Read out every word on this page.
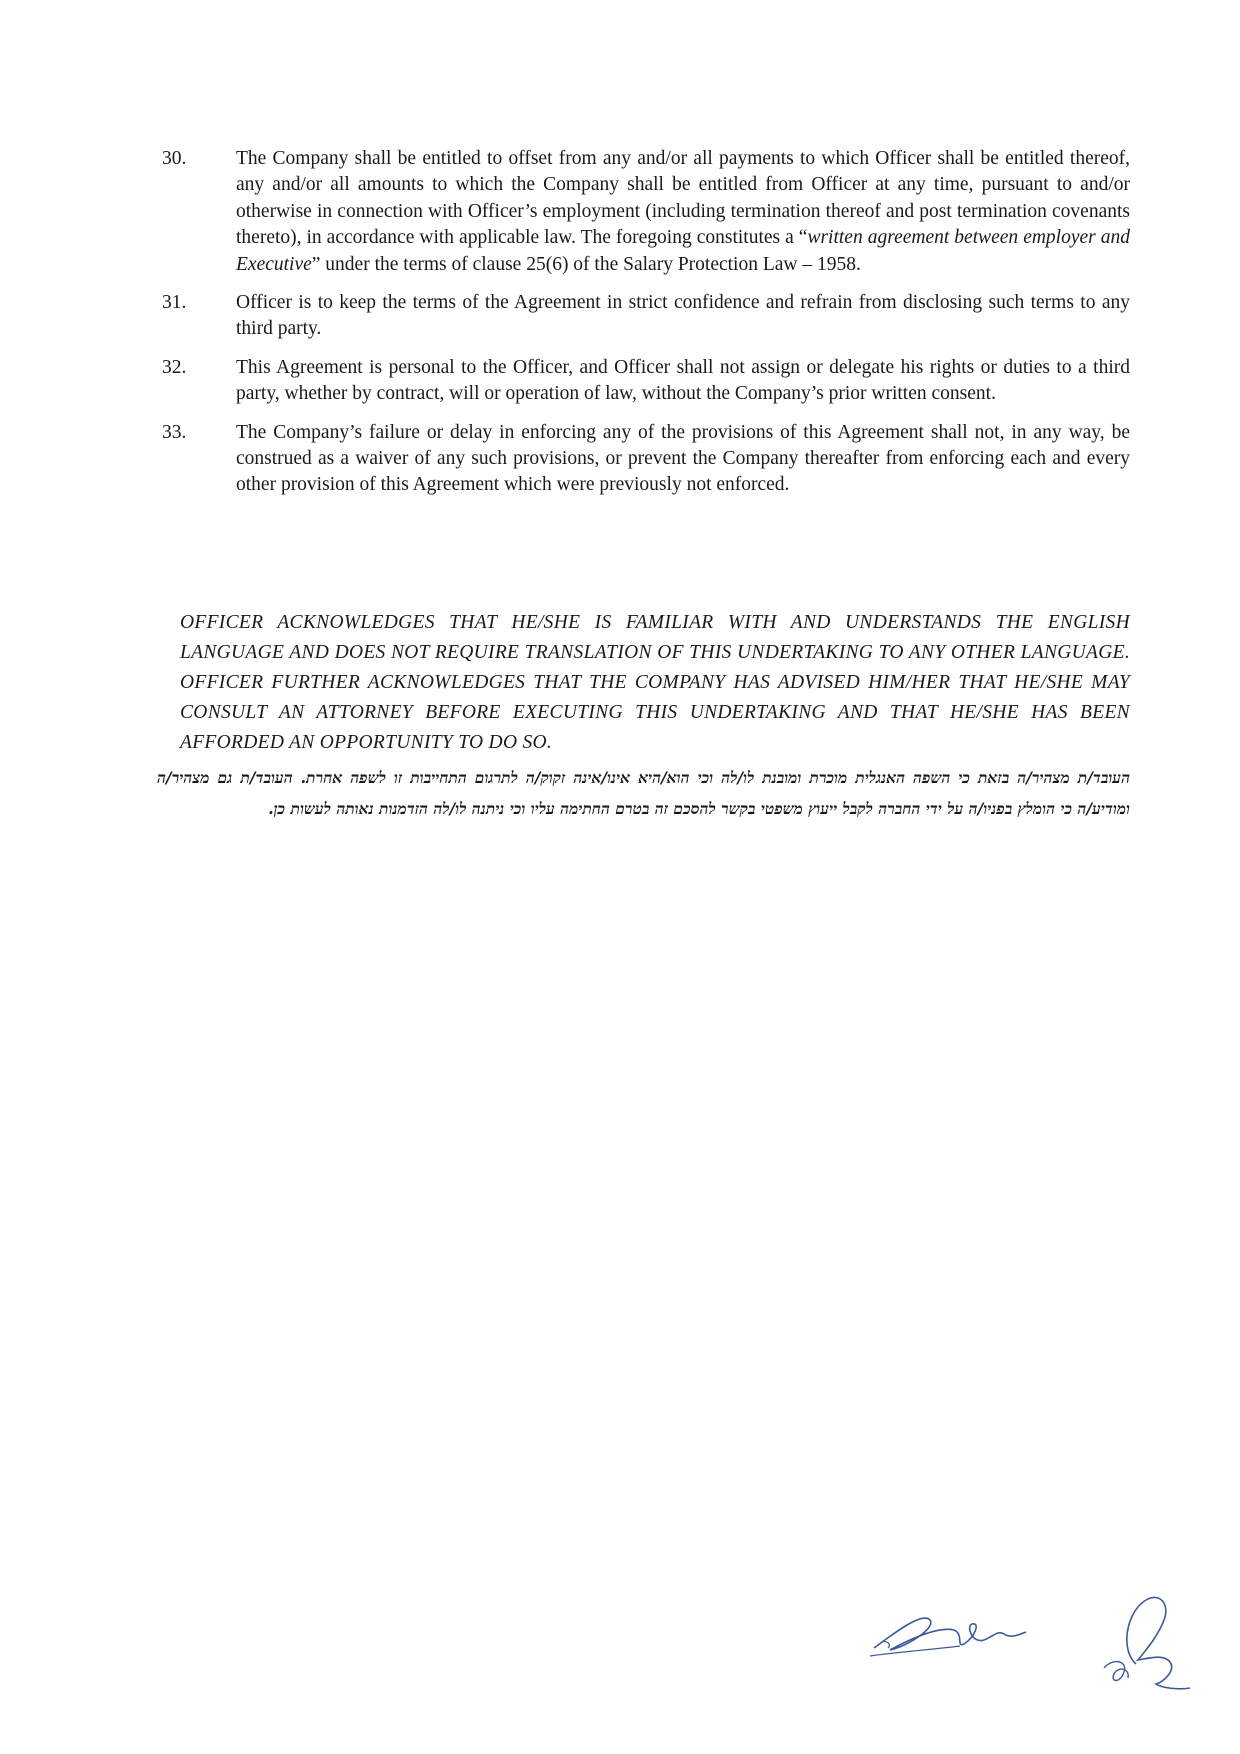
30.	The Company shall be entitled to offset from any and/or all payments to which Officer shall be entitled thereof, any and/or all amounts to which the Company shall be entitled from Officer at any time, pursuant to and/or otherwise in connection with Officer’s employment (including termination thereof and post termination covenants thereto), in accordance with applicable law. The foregoing constitutes a “written agreement between employer and Executive” under the terms of clause 25(6) of the Salary Protection Law – 1958.
31.	Officer is to keep the terms of the Agreement in strict confidence and refrain from disclosing such terms to any third party.
32.	This Agreement is personal to the Officer, and Officer shall not assign or delegate his rights or duties to a third party, whether by contract, will or operation of law, without the Company’s prior written consent.
33.	The Company’s failure or delay in enforcing any of the provisions of this Agreement shall not, in any way, be construed as a waiver of any such provisions, or prevent the Company thereafter from enforcing each and every other provision of this Agreement which were previously not enforced.
OFFICER ACKNOWLEDGES THAT HE/SHE IS FAMILIAR WITH AND UNDERSTANDS THE ENGLISH LANGUAGE AND DOES NOT REQUIRE TRANSLATION OF THIS UNDERTAKING TO ANY OTHER LANGUAGE. OFFICER FURTHER ACKNOWLEDGES THAT THE COMPANY HAS ADVISED HIM/HER THAT HE/SHE MAY CONSULT AN ATTORNEY BEFORE EXECUTING THIS UNDERTAKING AND THAT HE/SHE HAS BEEN AFFORDED AN OPPORTUNITY TO DO SO.
העובד/ת מצהיר/ה בזאת כי השפה האנגלית מוכרת ומובנת לו/לה וכי הוא/היא אינו/אינה זקוק/ה לתרגום התחייבות זו לשפה אחרת. העובד/ת גם מצהיר/ה ומודיע/ה כי הומלץ בפניו/ה על ידי החברה לקבל ייעוץ משפטי בקשר להסכם זה בטרם החתימה עליו וכי ניתנה לו/לה הזדמנות נאותה לעשות כן.
